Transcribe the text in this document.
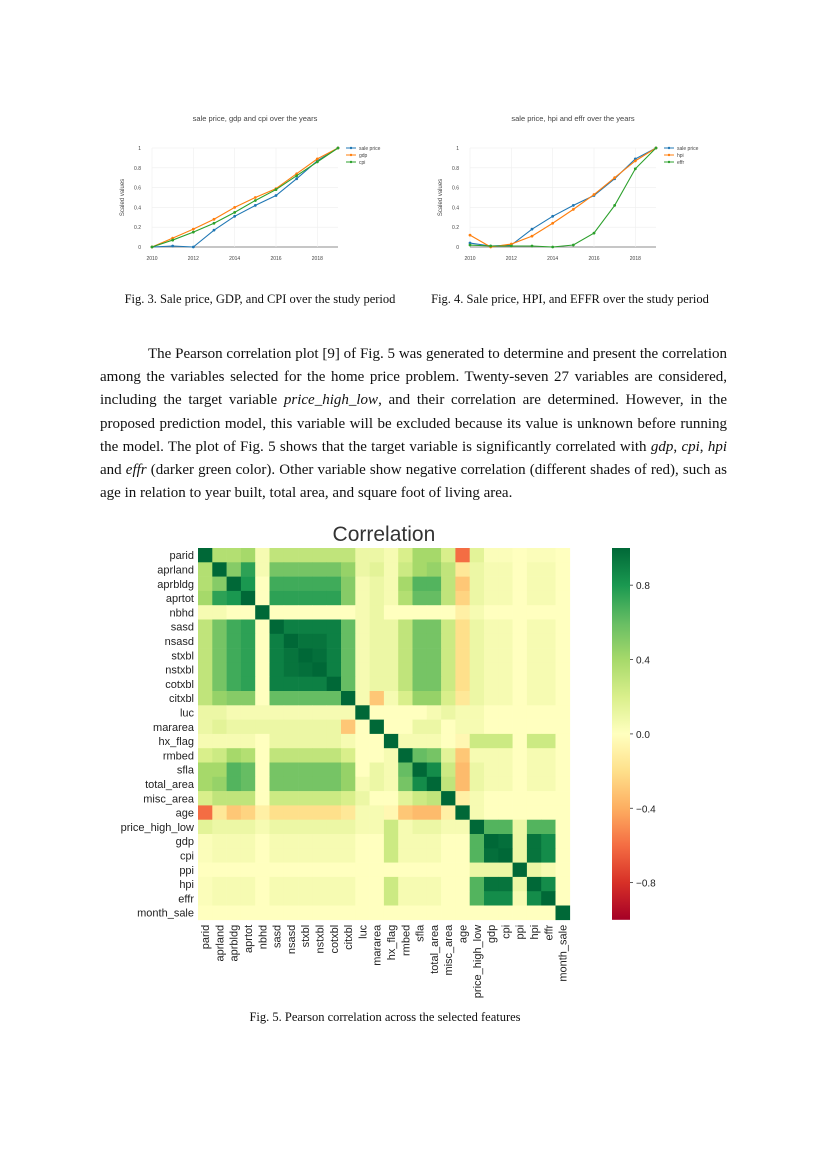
sale price, gdp and cpi over the years
0
0.2
0.4
0.6
0.8
1
2010	2012	2014	2016	2018
Scaled values
sale price
gdp
cpi
Fig. 3. Sale price, GDP, and CPI over the study period
sale price, hpi and effr over the years
0
0.2
0.4
0.6
0.8
1
2010	2012	2014	2016	2018
Scaled values
sale price
hpi
effr
Fig. 4. Sale price, HPI, and EFFR over the study period

The Pearson correlation plot [9] of Fig. 5 was generated to determine and present the correlation among the variables selected for the home price problem. Twenty-seven 27 variables are considered, including the target variable price_high_low, and their correlation are determined. However, in the proposed prediction model, this variable will be excluded because its value is unknown before running the model. The plot of Fig. 5 shows that the target variable is significantly correlated with gdp, cpi, hpi and effr (darker green color). Other variable show negative correlation (different shades of red), such as age in relation to year built, total area, and square foot of living area.

Correlation
parid
parid
aprland
aprland
aprbldg
aprbldg
aprtot
aprtot
nbhd
nbhd
sasd
sasd
nsasd
nsasd
stxbl
stxbl
nstxbl
nstxbl
cotxbl
cotxbl
citxbl
citxbl
luc
luc
mararea
mararea
hx_flag
hx_flag
rmbed
rmbed
sfla
sfla
total_area
total_area
misc_area
misc_area
age
age
price_high_low
price_high_low
gdp
gdp
cpi
cpi
ppi
ppi
hpi
hpi
effr
effr
month_sale
month_sale
0.8
0.4
0.0
−0.4
−0.8
Fig. 5. Pearson correlation across the selected features
